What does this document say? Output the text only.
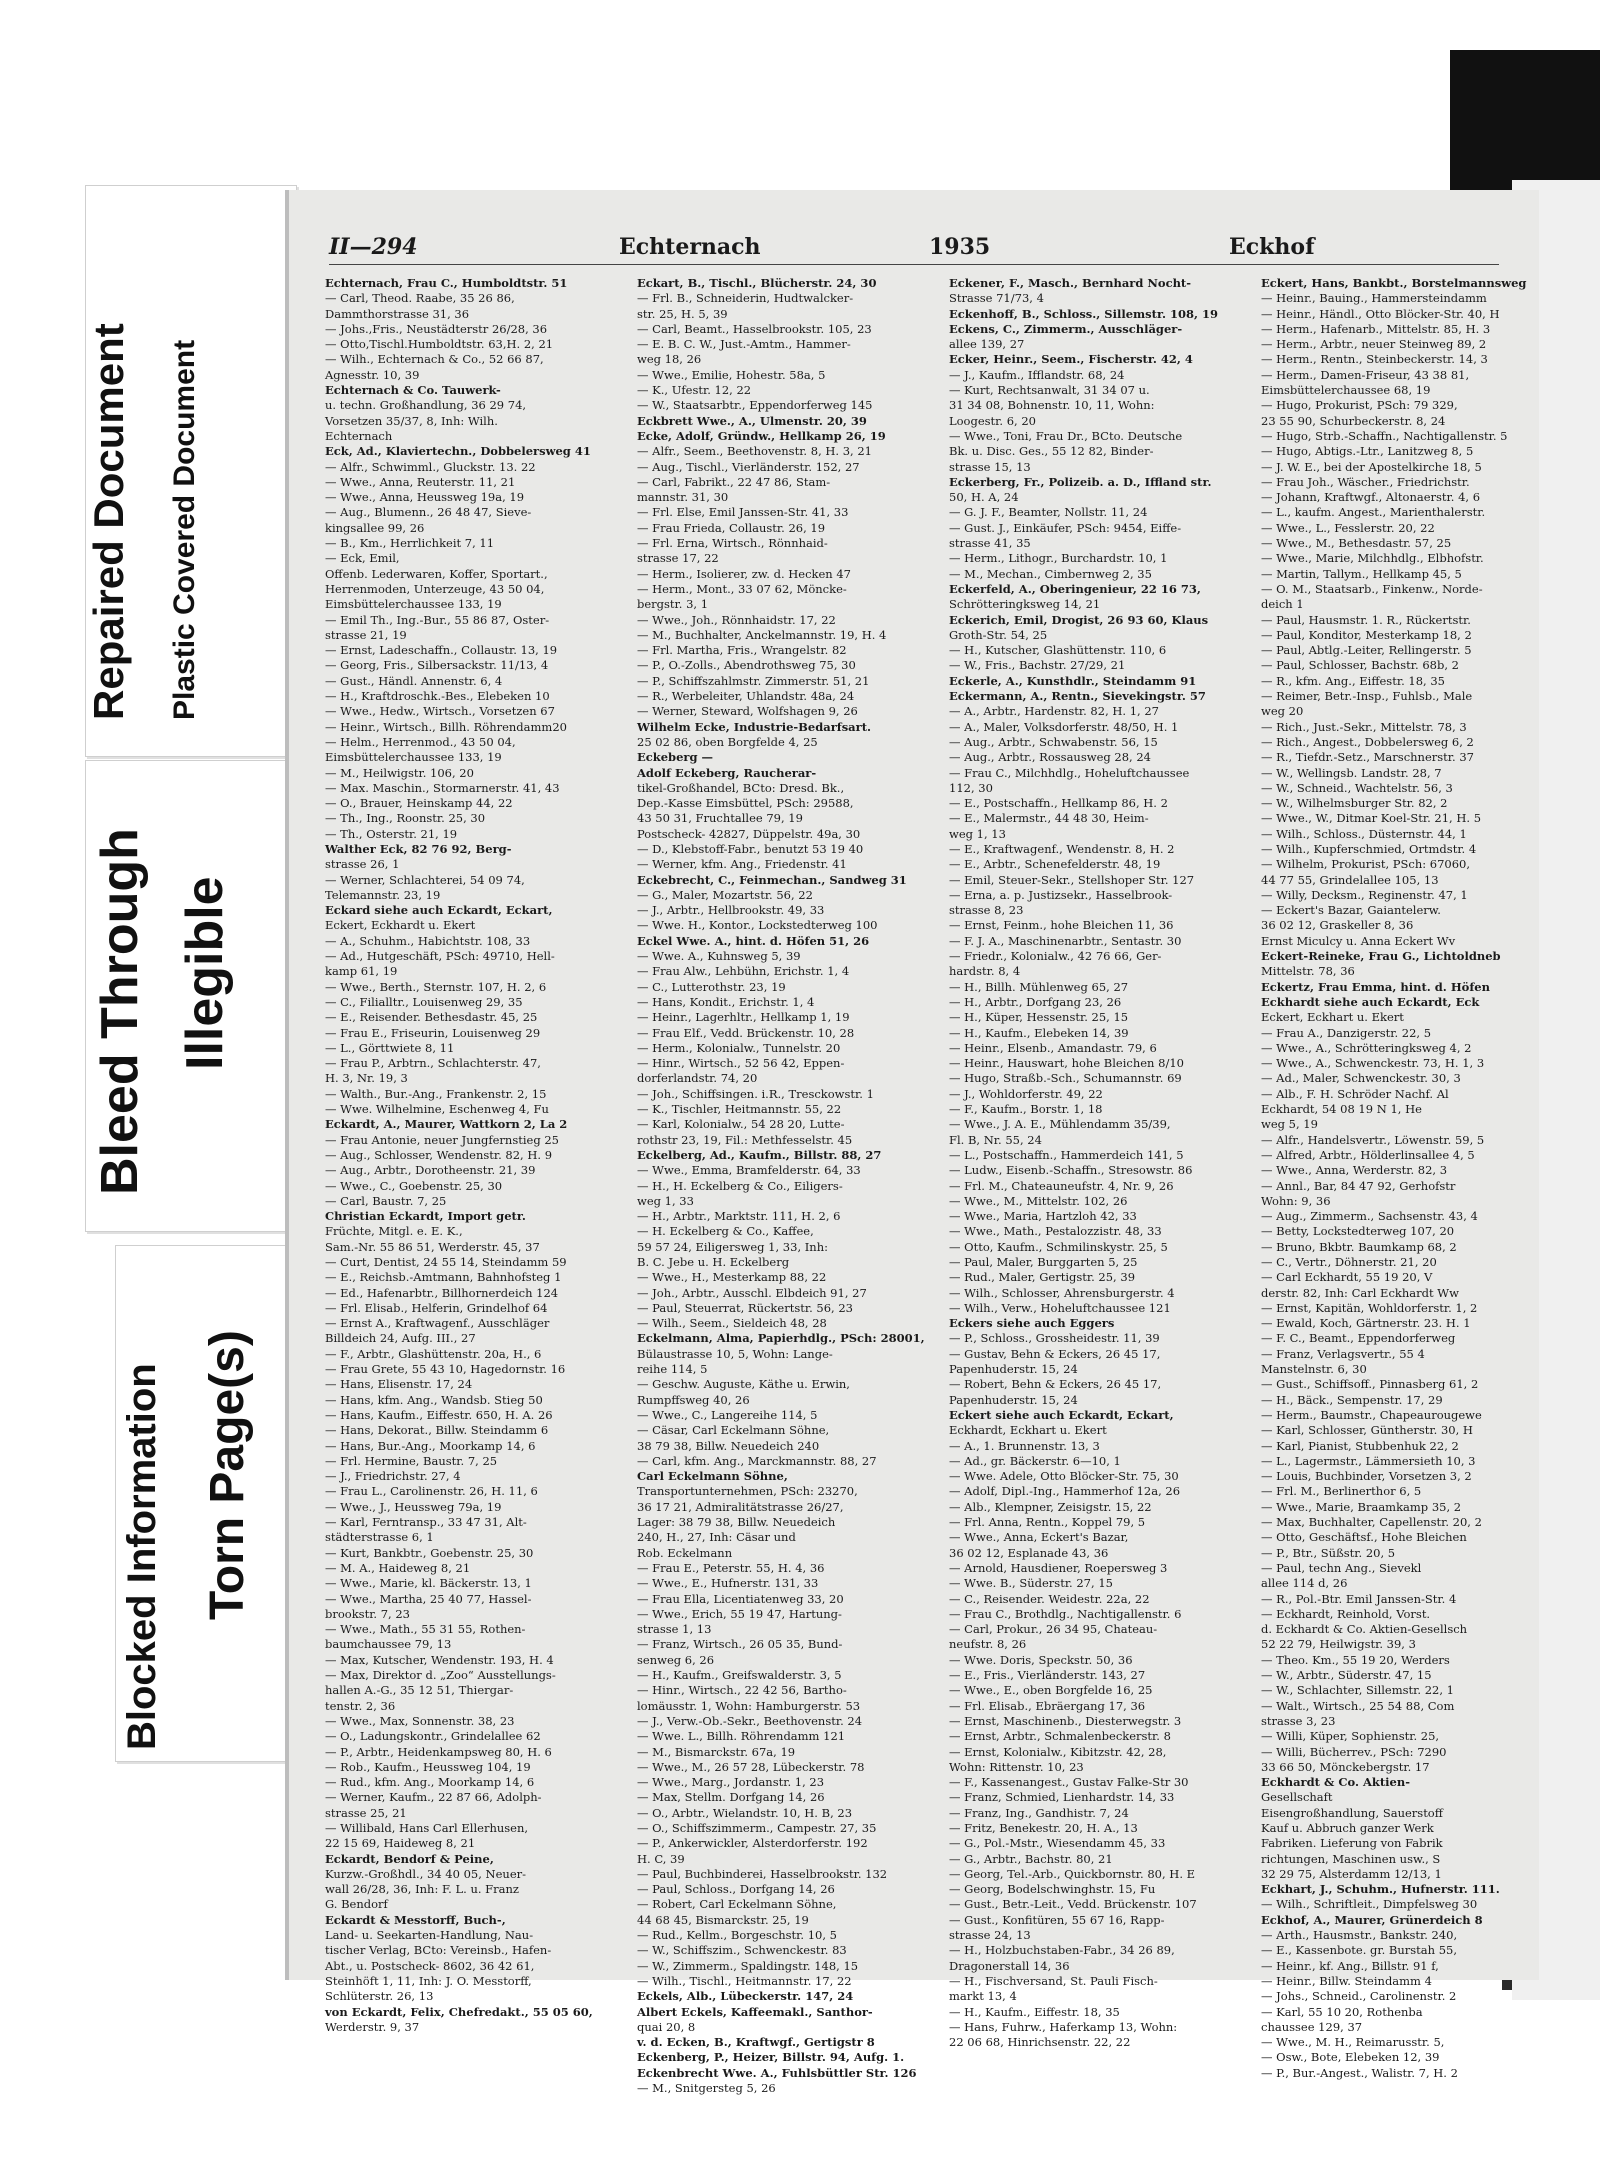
Repaired Document Plastic Covered Document
Bleed Through Illegible
Blocked Information Torn Page(s)
II—294	Echternach	1935	Eckhof
Echternach, Frau C., Humboldtstr. 51
— Carl, Theod. Raabe, 35 26 86,
Dammthorstrasse 31, 36
— Johs.,Fris., Neustädterstr 26/28, 36
— Otto,Tischl.Humboldtstr. 63,H. 2, 21
— Wilh., Echternach & Co., 52 66 87,
Agnesstr. 10, 39
Echternach & Co. Tauwerk-
u. techn. Großhandlung, 36 29 74,
Vorsetzen 35/37, 8, Inh: Wilh.
Echternach
Eck, Ad., Klaviertechn., Dobbelersweg 41
— Alfr., Schwimml., Gluckstr. 13. 22
— Wwe., Anna, Reuterstr. 11, 21
— Wwe., Anna, Heussweg 19a, 19
— Aug., Blumenn., 26 48 47, Sieve-
kingsallee 99, 26
— B., Km., Herrlichkeit 7, 11
— Eck, Emil,
Offenb. Lederwaren, Koffer, Sportart.,
Herrenmoden, Unterzeuge, 43 50 04,
Eimsbüttelerchaussee 133, 19
— Emil Th., Ing.-Bur., 55 86 87, Oster-
strasse 21, 19
— Ernst, Ladeschaffn., Collaustr. 13, 19
— Georg, Fris., Silbersackstr. 11/13, 4
— Gust., Händl. Annenstr. 6, 4
— H., Kraftdroschk.-Bes., Elebeken 10
— Wwe., Hedw., Wirtsch., Vorsetzen 67
— Heinr., Wirtsch., Billh. Röhrendamm20
— Helm., Herrenmod., 43 50 04,
Eimsbüttelerchaussee 133, 19
— M., Heilwigstr. 106, 20
— Max. Maschin., Stormarnerstr. 41, 43
— O., Brauer, Heinskamp 44, 22
— Th., Ing., Roonstr. 25, 30
— Th., Osterstr. 21, 19
Walther Eck, 82 76 92, Berg-
strasse 26, 1
— Werner, Schlachterei, 54 09 74,
Telemannstr. 23, 19
Eckard siehe auch Eckardt, Eckart,
Eckert, Eckhardt u. Ekert
— A., Schuhm., Habichtstr. 108, 33
— Ad., Hutgeschäft, PSch: 49710, Hell-
kamp 61, 19
— Wwe., Berth., Sternstr. 107, H. 2, 6
— C., Filialltr., Louisenweg 29, 35
— E., Reisender. Bethesdastr. 45, 25
— Frau E., Friseurin, Louisenweg 29
— L., Görttwiete 8, 11
— Frau P., Arbtrn., Schlachterstr. 47,
H. 3, Nr. 19, 3
— Walth., Bur.-Ang., Frankenstr. 2, 15
— Wwe. Wilhelmine, Eschenweg 4, Fu
Eckardt, A., Maurer, Wattkorn 2, La 2
— Frau Antonie, neuer Jungfernstieg 25
— Aug., Schlosser, Wendenstr. 82, H. 9
— Aug., Arbtr., Dorotheenstr. 21, 39
— Wwe., C., Goebenstr. 25, 30
— Carl, Baustr. 7, 25
Christian Eckardt, Import getr.
Früchte, Mitgl. e. E. K.,
Sam.-Nr. 55 86 51, Werderstr. 45, 37
— Curt, Dentist, 24 55 14, Steindamm 59
— E., Reichsb.-Amtmann, Bahnhofsteg 1
— Ed., Hafenarbtr., Billhornerdeich 124
— Frl. Elisab., Helferin, Grindelhof 64
— Ernst A., Kraftwagenf., Ausschläger
Billdeich 24, Aufg. III., 27
— F., Arbtr., Glashüttenstr. 20a, H., 6
— Frau Grete, 55 43 10, Hagedornstr. 16
— Hans, Elisenstr. 17, 24
— Hans, kfm. Ang., Wandsb. Stieg 50
— Hans, Kaufm., Eiffestr. 650, H. A. 26
— Hans, Dekorat., Billw. Steindamm 6
— Hans, Bur.-Ang., Moorkamp 14, 6
— Frl. Hermine, Baustr. 7, 25
— J., Friedrichstr. 27, 4
— Frau L., Carolinenstr. 26, H. 11, 6
— Wwe., J., Heussweg 79a, 19
— Karl, Ferntransp., 33 47 31, Alt-
städterstrasse 6, 1
— Kurt, Bankbtr., Goebenstr. 25, 30
— M. A., Haideweg 8, 21
— Wwe., Marie, kl. Bäckerstr. 13, 1
— Wwe., Martha, 25 40 77, Hassel-
brookstr. 7, 23
— Wwe., Math., 55 31 55, Rothen-
baumchaussee 79, 13
— Max, Kutscher, Wendenstr. 193, H. 4
— Max, Direktor d. „Zoo“ Ausstellungs-
hallen A.-G., 35 12 51, Thiergar-
tenstr. 2, 36
— Wwe., Max, Sonnenstr. 38, 23
— O., Ladungskontr., Grindelallee 62
— P., Arbtr., Heidenkampsweg 80, H. 6
— Rob., Kaufm., Heussweg 104, 19
— Rud., kfm. Ang., Moorkamp 14, 6
— Werner, Kaufm., 22 87 66, Adolph-
strasse 25, 21
— Willibald, Hans Carl Ellerhusen,
22 15 69, Haideweg 8, 21
Eckardt, Bendorf & Peine,
Kurzw.-Großhdl., 34 40 05, Neuer-
wall 26/28, 36, Inh: F. L. u. Franz
G. Bendorf
Eckardt & Messtorff, Buch-,
Land- u. Seekarten-Handlung, Nau-
tischer Verlag, BCto: Vereinsb., Hafen-
Abt., u. Postscheck- 8602, 36 42 61,
Steinhöft 1, 11, Inh: J. O. Messtorff,
Schlüterstr. 26, 13
von Eckardt, Felix, Chefredakt., 55 05 60,
Werderstr. 9, 37
Eckart, B., Tischl., Blücherstr. 24, 30
— Frl. B., Schneiderin, Hudtwalcker-
str. 25, H. 5, 39
— Carl, Beamt., Hasselbrookstr. 105, 23
— E. B. C. W., Just.-Amtm., Hammer-
weg 18, 26
— Wwe., Emilie, Hohestr. 58a, 5
— K., Ufestr. 12, 22
— W., Staatsarbtr., Eppendorferweg 145
Eckbrett Wwe., A., Ulmenstr. 20, 39
Ecke, Adolf, Gründw., Hellkamp 26, 19
— Alfr., Seem., Beethovenstr. 8, H. 3, 21
— Aug., Tischl., Vierländerstr. 152, 27
— Carl, Fabrikt., 22 47 86, Stam-
mannstr. 31, 30
— Frl. Else, Emil Janssen-Str. 41, 33
— Frau Frieda, Collaustr. 26, 19
— Frl. Erna, Wirtsch., Rönnhaid-
strasse 17, 22
— Herm., Isolierer, zw. d. Hecken 47
— Herm., Mont., 33 07 62, Möncke-
bergstr. 3, 1
— Wwe., Joh., Rönnhaidstr. 17, 22
— M., Buchhalter, Anckelmannstr. 19, H. 4
— Frl. Martha, Fris., Wrangelstr. 82
— P., O.-Zolls., Abendrothsweg 75, 30
— P., Schiffszahlmstr. Zimmerstr. 51, 21
— R., Werbeleiter, Uhlandstr. 48a, 24
— Werner, Steward, Wolfshagen 9, 26
Wilhelm Ecke, Industrie-Bedarfsart.
25 02 86, oben Borgfelde 4, 25
Eckeberg —
Adolf Eckeberg, Raucherar-
tikel-Großhandel, BCto: Dresd. Bk.,
Dep.-Kasse Eimsbüttel, PSch: 29588,
43 50 31, Fruchtallee 79, 19
Postscheck- 42827, Düppelstr. 49a, 30
— D., Klebstoff-Fabr., benutzt 53 19 40
— Werner, kfm. Ang., Friedenstr. 41
Eckebrecht, C., Feinmechan., Sandweg 31
— G., Maler, Mozartstr. 56, 22
— J., Arbtr., Hellbrookstr. 49, 33
— Wwe. H., Kontor., Lockstedterweg 100
Eckel Wwe. A., hint. d. Höfen 51, 26
— Wwe. A., Kuhnsweg 5, 39
— Frau Alw., Lehbühn, Erichstr. 1, 4
— C., Lutterothstr. 23, 19
— Hans, Kondit., Erichstr. 1, 4
— Heinr., Lagerhltr., Hellkamp 1, 19
— Frau Elf., Vedd. Brückenstr. 10, 28
— Herm., Kolonialw., Tunnelstr. 20
— Hinr., Wirtsch., 52 56 42, Eppen-
dorferlandstr. 74, 20
— Joh., Schiffsingen. i.R., Tresckowstr. 1
— K., Tischler, Heitmannstr. 55, 22
— Karl, Kolonialw., 54 28 20, Lutte-
rothstr 23, 19, Fil.: Methfesselstr. 45
Eckelberg, Ad., Kaufm., Billstr. 88, 27
— Wwe., Emma, Bramfelderstr. 64, 33
— H., H. Eckelberg & Co., Eiligers-
weg 1, 33
— H., Arbtr., Marktstr. 111, H. 2, 6
— H. Eckelberg & Co., Kaffee,
59 57 24, Eiligersweg 1, 33, Inh:
B. C. Jebe u. H. Eckelberg
— Wwe., H., Mesterkamp 88, 22
— Joh., Arbtr., Ausschl. Elbdeich 91, 27
— Paul, Steuerrat, Rückertstr. 56, 23
— Wilh., Seem., Sieldeich 48, 28
Eckelmann, Alma, Papierhdlg., PSch: 28001,
Bülaustrasse 10, 5, Wohn: Lange-
reihe 114, 5
— Geschw. Auguste, Käthe u. Erwin,
Rumpffsweg 40, 26
— Wwe., C., Langereihe 114, 5
— Cäsar, Carl Eckelmann Söhne,
38 79 38, Billw. Neuedeich 240
— Carl, kfm. Ang., Marckmannstr. 88, 27
Carl Eckelmann Söhne,
Transportunternehmen, PSch: 23270,
36 17 21, Admiralitätstrasse 26/27,
Lager: 38 79 38, Billw. Neuedeich
240, H., 27, Inh: Cäsar und
Rob. Eckelmann
— Frau E., Peterstr. 55, H. 4, 36
— Wwe., E., Hufnerstr. 131, 33
— Frau Ella, Licentiatenweg 33, 20
— Wwe., Erich, 55 19 47, Hartung-
strasse 1, 13
— Franz, Wirtsch., 26 05 35, Bund-
senweg 6, 26
— H., Kaufm., Greifswalderstr. 3, 5
— Hinr., Wirtsch., 22 42 56, Bartho-
lomäusstr. 1, Wohn: Hamburgerstr. 53
— J., Verw.-Ob.-Sekr., Beethovenstr. 24
— Wwe. L., Billh. Röhrendamm 121
— M., Bismarckstr. 67a, 19
— Wwe., M., 26 57 28, Lübeckerstr. 78
— Wwe., Marg., Jordanstr. 1, 23
— Max, Stellm. Dorfgang 14, 26
— O., Arbtr., Wielandstr. 10, H. B, 23
— O., Schiffszimmerm., Campestr. 27, 35
— P., Ankerwickler, Alsterdorferstr. 192
H. C, 39
— Paul, Buchbinderei, Hasselbrookstr. 132
— Paul, Schloss., Dorfgang 14, 26
— Robert, Carl Eckelmann Söhne,
44 68 45, Bismarckstr. 25, 19
— Rud., Kellm., Borgeschstr. 10, 5
— W., Schiffszim., Schwenckestr. 83
— W., Zimmerm., Spaldingstr. 148, 15
— Wilh., Tischl., Heitmannstr. 17, 22
Eckels, Alb., Lübeckerstr. 147, 24
Albert Eckels, Kaffeemakl., Santhor-
quai 20, 8
v. d. Ecken, B., Kraftwgf., Gertigstr 8
Eckenberg, P., Heizer, Billstr. 94, Aufg. 1.
Eckenbrecht Wwe. A., Fuhlsbüttler Str. 126
— M., Snitgersteg 5, 26
Eckener, F., Masch., Bernhard Nocht-
Strasse 71/73, 4
Eckenhoff, B., Schloss., Sillemstr. 108, 19
Eckens, C., Zimmerm., Ausschläger-
allee 139, 27
Ecker, Heinr., Seem., Fischerstr. 42, 4
— J., Kaufm., Ifflandstr. 68, 24
— Kurt, Rechtsanwalt, 31 34 07 u.
31 34 08, Bohnenstr. 10, 11, Wohn:
Loogestr. 6, 20
— Wwe., Toni, Frau Dr., BCto. Deutsche
Bk. u. Disc. Ges., 55 12 82, Binder-
strasse 15, 13
Eckerberg, Fr., Polizeib. a. D., Iffland str.
50, H. A, 24
— G. J. F., Beamter, Nollstr. 11, 24
— Gust. J., Einkäufer, PSch: 9454, Eiffe-
strasse 41, 35
— Herm., Lithogr., Burchardstr. 10, 1
— M., Mechan., Cimbernweg 2, 35
Eckerfeld, A., Oberingenieur, 22 16 73,
Schrötteringksweg 14, 21
Eckerich, Emil, Drogist, 26 93 60, Klaus
Groth-Str. 54, 25
— H., Kutscher, Glashüttenstr. 110, 6
— W., Fris., Bachstr. 27/29, 21
Eckerle, A., Kunsthdlr., Steindamm 91
Eckermann, A., Rentn., Sievekingstr. 57
— A., Arbtr., Hardenstr. 82, H. 1, 27
— A., Maler, Volksdorferstr. 48/50, H. 1
— Aug., Arbtr., Schwabenstr. 56, 15
— Aug., Arbtr., Rossausweg 28, 24
— Frau C., Milchhdlg., Hoheluftchaussee
112, 30
— E., Postschaffn., Hellkamp 86, H. 2
— E., Malermstr., 44 48 30, Heim-
weg 1, 13
— E., Kraftwagenf., Wendenstr. 8, H. 2
— E., Arbtr., Schenefelderstr. 48, 19
— Emil, Steuer-Sekr., Stellshoper Str. 127
— Erna, a. p. Justizsekr., Hasselbrook-
strasse 8, 23
— Ernst, Feinm., hohe Bleichen 11, 36
— F. J. A., Maschinenarbtr., Sentastr. 30
— Friedr., Kolonialw., 42 76 66, Ger-
hardstr. 8, 4
— H., Billh. Mühlenweg 65, 27
— H., Arbtr., Dorfgang 23, 26
— H., Küper, Hessenstr. 25, 15
— H., Kaufm., Elebeken 14, 39
— Heinr., Elsenb., Amandastr. 79, 6
— Heinr., Hauswart, hohe Bleichen 8/10
— Hugo, Straßb.-Sch., Schumannstr. 69
— J., Wohldorferstr. 49, 22
— F., Kaufm., Borstr. 1, 18
— Wwe., J. A. E., Mühlendamm 35/39,
Fl. B, Nr. 55, 24
— L., Postschaffn., Hammerdeich 141, 5
— Ludw., Eisenb.-Schaffn., Stresowstr. 86
— Frl. M., Chateauneufstr. 4, Nr. 9, 26
— Wwe., M., Mittelstr. 102, 26
— Wwe., Maria, Hartzloh 42, 33
— Wwe., Math., Pestalozzistr. 48, 33
— Otto, Kaufm., Schmilinskystr. 25, 5
— Paul, Maler, Burggarten 5, 25
— Rud., Maler, Gertigstr. 25, 39
— Wilh., Schlosser, Ahrensburgerstr. 4
— Wilh., Verw., Hoheluftchaussee 121
Eckers siehe auch Eggers
— P., Schloss., Grossheidestr. 11, 39
— Gustav, Behn & Eckers, 26 45 17,
Papenhuderstr. 15, 24
— Robert, Behn & Eckers, 26 45 17,
Papenhuderstr. 15, 24
Eckert siehe auch Eckardt, Eckart,
Eckhardt, Eckhart u. Ekert
— A., 1. Brunnenstr. 13, 3
— Ad., gr. Bäckerstr. 6—10, 1
— Wwe. Adele, Otto Blöcker-Str. 75, 30
— Adolf, Dipl.-Ing., Hammerhof 12a, 26
— Alb., Klempner, Zeisigstr. 15, 22
— Frl. Anna, Rentn., Koppel 79, 5
— Wwe., Anna, Eckert's Bazar,
36 02 12, Esplanade 43, 36
— Arnold, Hausdiener, Roepersweg 3
— Wwe. B., Süderstr. 27, 15
— C., Reisender. Weidestr. 22a, 22
— Frau C., Brothdlg., Nachtigallenstr. 6
— Carl, Prokur., 26 34 95, Chateau-
neufstr. 8, 26
— Wwe. Doris, Speckstr. 50, 36
— E., Fris., Vierländerstr. 143, 27
— Wwe., E., oben Borgfelde 16, 25
— Frl. Elisab., Ebräergang 17, 36
— Ernst, Maschinenb., Diesterwegstr. 3
— Ernst, Arbtr., Schmalenbeckerstr. 8
— Ernst, Kolonialw., Kibitzstr. 42, 28,
Wohn: Rittenstr. 10, 23
— F., Kassenangest., Gustav Falke-Str 30
— Franz, Schmied, Lienhardstr. 14, 33
— Franz, Ing., Gandhistr. 7, 24
— Fritz, Benekestr. 20, H. A., 13
— G., Pol.-Mstr., Wiesendamm 45, 33
— G., Arbtr., Bachstr. 80, 21
— Georg, Tel.-Arb., Quickbornstr. 80, H. E
— Georg, Bodelschwinghstr. 15, Fu
— Gust., Betr.-Leit., Vedd. Brückenstr. 107
— Gust., Konfitüren, 55 67 16, Rapp-
strasse 24, 13
— H., Holzbuchstaben-Fabr., 34 26 89,
Dragonerstall 14, 36
— H., Fischversand, St. Pauli Fisch-
markt 13, 4
— H., Kaufm., Eiffestr. 18, 35
— Hans, Fuhrw., Haferkamp 13, Wohn:
22 06 68, Hinrichsenstr. 22, 22
Eckert, Hans, Bankbt., Borstelmannsweg
— Heinr., Bauing., Hammersteindamm
— Heinr., Händl., Otto Blöcker-Str. 40, H
— Herm., Hafenarb., Mittelstr. 85, H. 3
— Herm., Arbtr., neuer Steinweg 89, 2
— Herm., Rentn., Steinbeckerstr. 14, 3
— Herm., Damen-Friseur, 43 38 81,
Eimsbüttelerchaussee 68, 19
— Hugo, Prokurist, PSch: 79 329,
23 55 90, Schurbeckerstr. 8, 24
— Hugo, Strb.-Schaffn., Nachtigallenstr. 5
— Hugo, Abtigs.-Ltr., Lanitzweg 8, 5
— J. W. E., bei der Apostelkirche 18, 5
— Frau Joh., Wäscher., Friedrichstr.
— Johann, Kraftwgf., Altonaerstr. 4, 6
— L., kaufm. Angest., Marienthalerstr.
— Wwe., L., Fesslerstr. 20, 22
— Wwe., M., Bethesdastr. 57, 25
— Wwe., Marie, Milchhdlg., Elbhofstr.
— Martin, Tallym., Hellkamp 45, 5
— O. M., Staatsarb., Finkenw., Norde-
deich 1
— Paul, Hausmstr. 1. R., Rückertstr.
— Paul, Konditor, Mesterkamp 18, 2
— Paul, Abtlg.-Leiter, Rellingerstr. 5
— Paul, Schlosser, Bachstr. 68b, 2
— R., kfm. Ang., Eiffestr. 18, 35
— Reimer, Betr.-Insp., Fuhlsb., Male
weg 20
— Rich., Just.-Sekr., Mittelstr. 78, 3
— Rich., Angest., Dobbelersweg 6, 2
— R., Tiefdr.-Setz., Marschnerstr. 37
— W., Wellingsb. Landstr. 28, 7
— W., Schneid., Wachtelstr. 56, 3
— W., Wilhelmsburger Str. 82, 2
— Wwe., W., Ditmar Koel-Str. 21, H. 5
— Wilh., Schloss., Düsternstr. 44, 1
— Wilh., Kupferschmied, Ortmdstr. 4
— Wilhelm, Prokurist, PSch: 67060,
44 77 55, Grindelallee 105, 13
— Willy, Decksm., Reginenstr. 47, 1
— Eckert's Bazar, Gaiantelerw.
36 02 12, Graskeller 8, 36
Ernst Miculcy u. Anna Eckert Wv
Eckert-Reineke, Frau G., Lichtoldneb
Mittelstr. 78, 36
Eckertz, Frau Emma, hint. d. Höfen
Eckhardt siehe auch Eckardt, Eck
Eckert, Eckhart u. Ekert
— Frau A., Danzigerstr. 22, 5
— Wwe., A., Schrötteringksweg 4, 2
— Wwe., A., Schwenckestr. 73, H. 1, 3
— Ad., Maler, Schwenckestr. 30, 3
— Alb., F. H. Schröder Nachf. Al
Eckhardt, 54 08 19 N 1, He
weg 5, 19
— Alfr., Handelsvertr., Löwenstr. 59, 5
— Alfred, Arbtr., Hölderlinsallee 4, 5
— Wwe., Anna, Werderstr. 82, 3
— Annl., Bar, 84 47 92, Gerhofstr
Wohn: 9, 36
— Aug., Zimmerm., Sachsenstr. 43, 4
— Betty, Lockstedterweg 107, 20
— Bruno, Bkbtr. Baumkamp 68, 2
— C., Vertr., Döhnerstr. 21, 20
— Carl Eckhardt, 55 19 20, V
derstr. 82, Inh: Carl Eckhardt Ww
— Ernst, Kapitän, Wohldorferstr. 1, 2
— Ewald, Koch, Gärtnerstr. 23. H. 1
— F. C., Beamt., Eppendorferweg
— Franz, Verlagsvertr., 55 4
Manstelnstr. 6, 30
— Gust., Schiffsoff., Pinnasberg 61, 2
— H., Bäck., Sempenstr. 17, 29
— Herm., Baumstr., Chapeaurougewe
— Karl, Schlosser, Güntherstr. 30, H
— Karl, Pianist, Stubbenhuk 22, 2
— L., Lagermstr., Lämmersieth 10, 3
— Louis, Buchbinder, Vorsetzen 3, 2
— Frl. M., Berlinerthor 6, 5
— Wwe., Marie, Braamkamp 35, 2
— Max, Buchhalter, Capellenstr. 20, 2
— Otto, Geschäftsf., Hohe Bleichen
— P., Btr., Süßstr. 20, 5
— Paul, techn Ang., Sievekl
allee 114 d, 26
— R., Pol.-Btr. Emil Janssen-Str. 4
— Eckhardt, Reinhold, Vorst.
d. Eckhardt & Co. Aktien-Gesellsch
52 22 79, Heilwigstr. 39, 3
— Theo. Km., 55 19 20, Werders
— W., Arbtr., Süderstr. 47, 15
— W., Schlachter, Sillemstr. 22, 1
— Walt., Wirtsch., 25 54 88, Com
strasse 3, 23
— Willi, Küper, Sophienstr. 25,
— Willi, Bücherrev., PSch: 7290
33 66 50, Mönckebergstr. 17
Eckhardt & Co. Aktien-
Gesellschaft
Eisengroßhandlung, Sauerstoff
Kauf u. Abbruch ganzer Werk
Fabriken. Lieferung von Fabrik
richtungen, Maschinen usw., S
32 29 75, Alsterdamm 12/13, 1
Eckhart, J., Schuhm., Hufnerstr. 111.
— Wilh., Schriftleit., Dimpfelsweg 30
Eckhof, A., Maurer, Grünerdeich 8
— Arth., Hausmstr., Bankstr. 240,
— E., Kassenbote. gr. Burstah 55,
— Heinr., kf. Ang., Billstr. 91 f,
— Heinr., Billw. Steindamm 4
— Johs., Schneid., Carolinenstr. 2
— Karl, 55 10 20, Rothenba
chaussee 129, 37
— Wwe., M. H., Reimarusstr. 5,
— Osw., Bote, Elebeken 12, 39
— P., Bur.-Angest., Walistr. 7, H. 2
